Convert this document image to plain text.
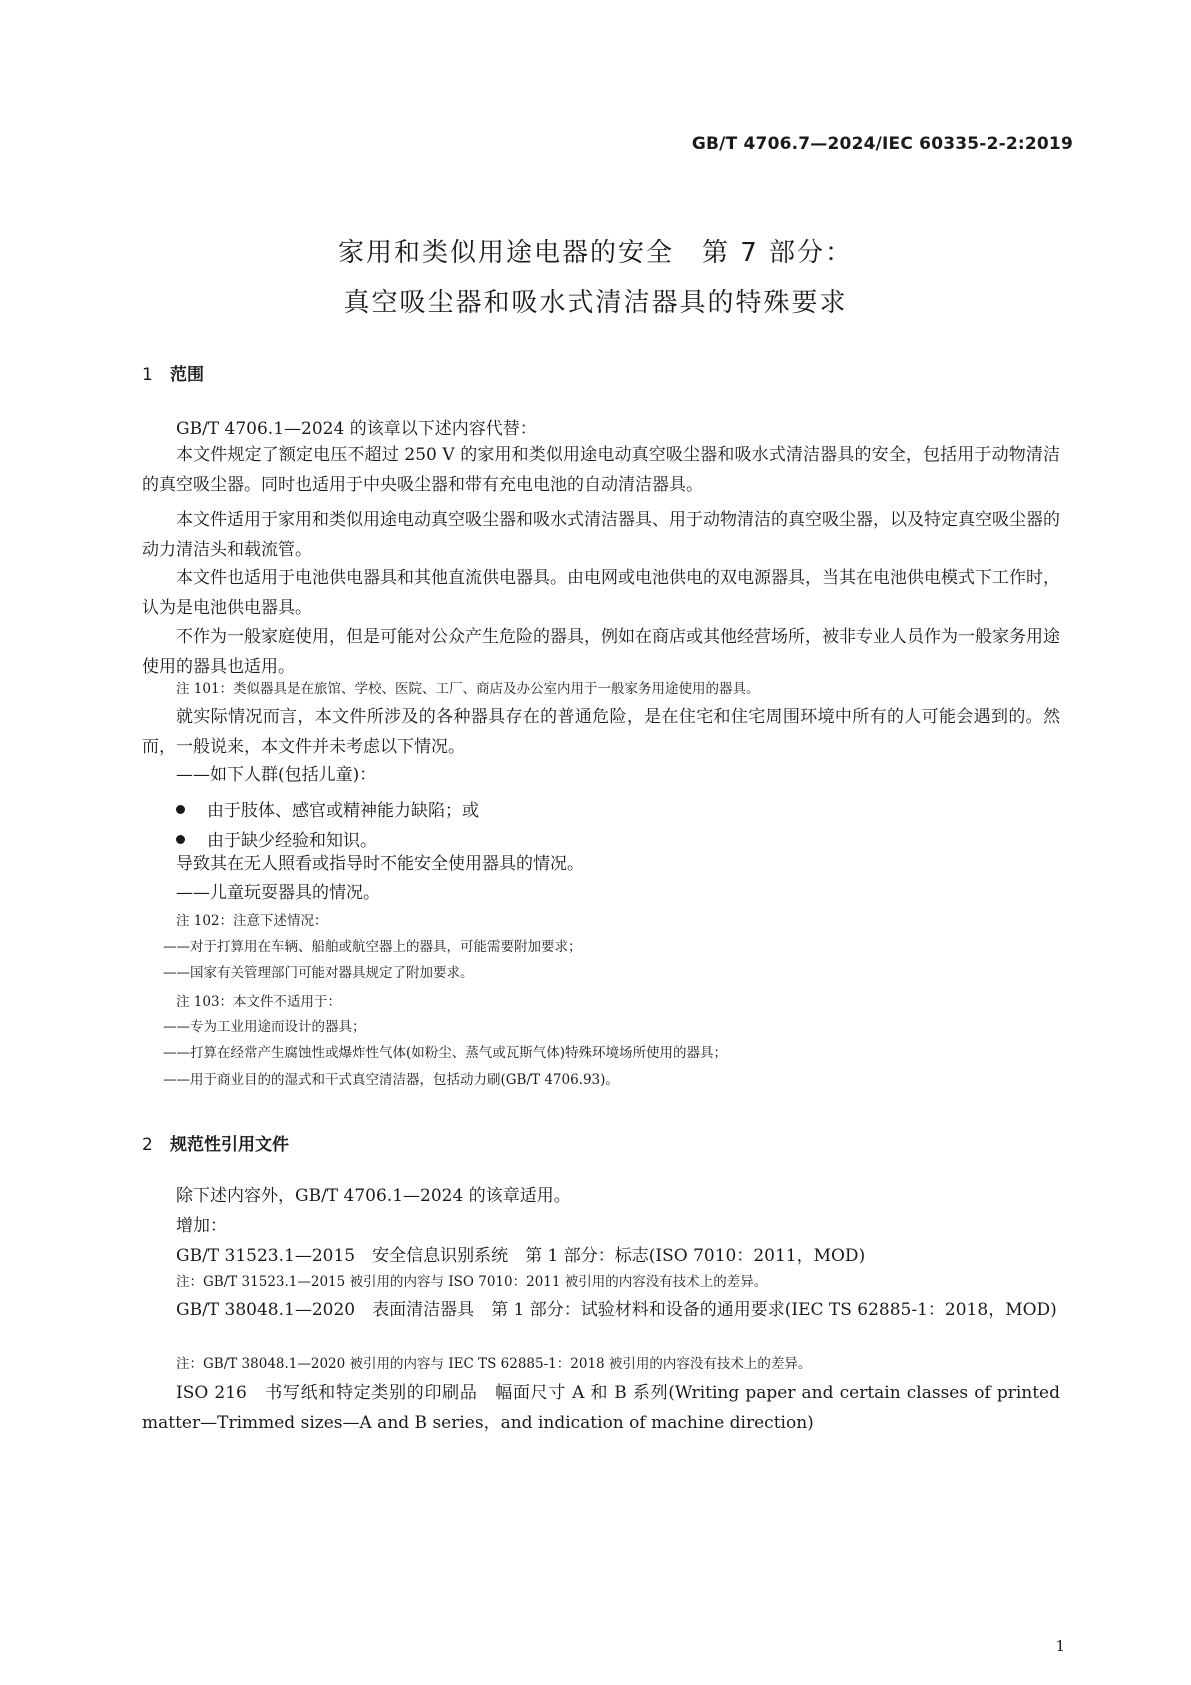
GB/T 4706.7—2024/IEC 60335-2-2:2019
家用和类似用途电器的安全　第 7 部分：
真空吸尘器和吸水式清洁器具的特殊要求
1 范围
GB/T 4706.1—2024 的该章以下述内容代替：
本文件规定了额定电压不超过 250 V 的家用和类似用途电动真空吸尘器和吸水式清洁器具的安全，包括用于动物清洁的真空吸尘器。同时也适用于中央吸尘器和带有充电电池的自动清洁器具。
本文件适用于家用和类似用途电动真空吸尘器和吸水式清洁器具、用于动物清洁的真空吸尘器，以及特定真空吸尘器的动力清洁头和载流管。
本文件也适用于电池供电器具和其他直流供电器具。由电网或电池供电的双电源器具，当其在电池供电模式下工作时，认为是电池供电器具。
不作为一般家庭使用，但是可能对公众产生危险的器具，例如在商店或其他经营场所，被非专业人员作为一般家务用途使用的器具也适用。
注 101：类似器具是在旅馆、学校、医院、工厂、商店及办公室内用于一般家务用途使用的器具。
就实际情况而言，本文件所涉及的各种器具存在的普通危险，是在住宅和住宅周围环境中所有的人可能会遇到的。然而，一般说来，本文件并未考虑以下情况。
——如下人群(包括儿童)：
由于肢体、感官或精神能力缺陷；或
由于缺少经验和知识。
导致其在无人照看或指导时不能安全使用器具的情况。
——儿童玩耍器具的情况。
注 102：注意下述情况：
——对于打算用在车辆、船舶或航空器上的器具，可能需要附加要求；
——国家有关管理部门可能对器具规定了附加要求。
注 103：本文件不适用于：
——专为工业用途而设计的器具；
——打算在经常产生腐蚀性或爆炸性气体(如粉尘、蒸气或瓦斯气体)特殊环境场所使用的器具；
——用于商业目的的湿式和干式真空清洁器，包括动力刷(GB/T 4706.93)。
2 规范性引用文件
除下述内容外，GB/T 4706.1—2024 的该章适用。
增加：
GB/T 31523.1—2015　安全信息识别系统　第 1 部分：标志(ISO 7010：2011，MOD)
注：GB/T 31523.1—2015 被引用的内容与 ISO 7010：2011 被引用的内容没有技术上的差异。
GB/T 38048.1—2020　表面清洁器具　第 1 部分：试验材料和设备的通用要求(IEC TS 62885-1：2018，MOD)
注：GB/T 38048.1—2020 被引用的内容与 IEC TS 62885-1：2018 被引用的内容没有技术上的差异。
ISO 216　书写纸和特定类别的印刷品　幅面尺寸 A 和 B 系列(Writing paper and certain classes of printed matter—Trimmed sizes—A and B series，and indication of machine direction)
1
